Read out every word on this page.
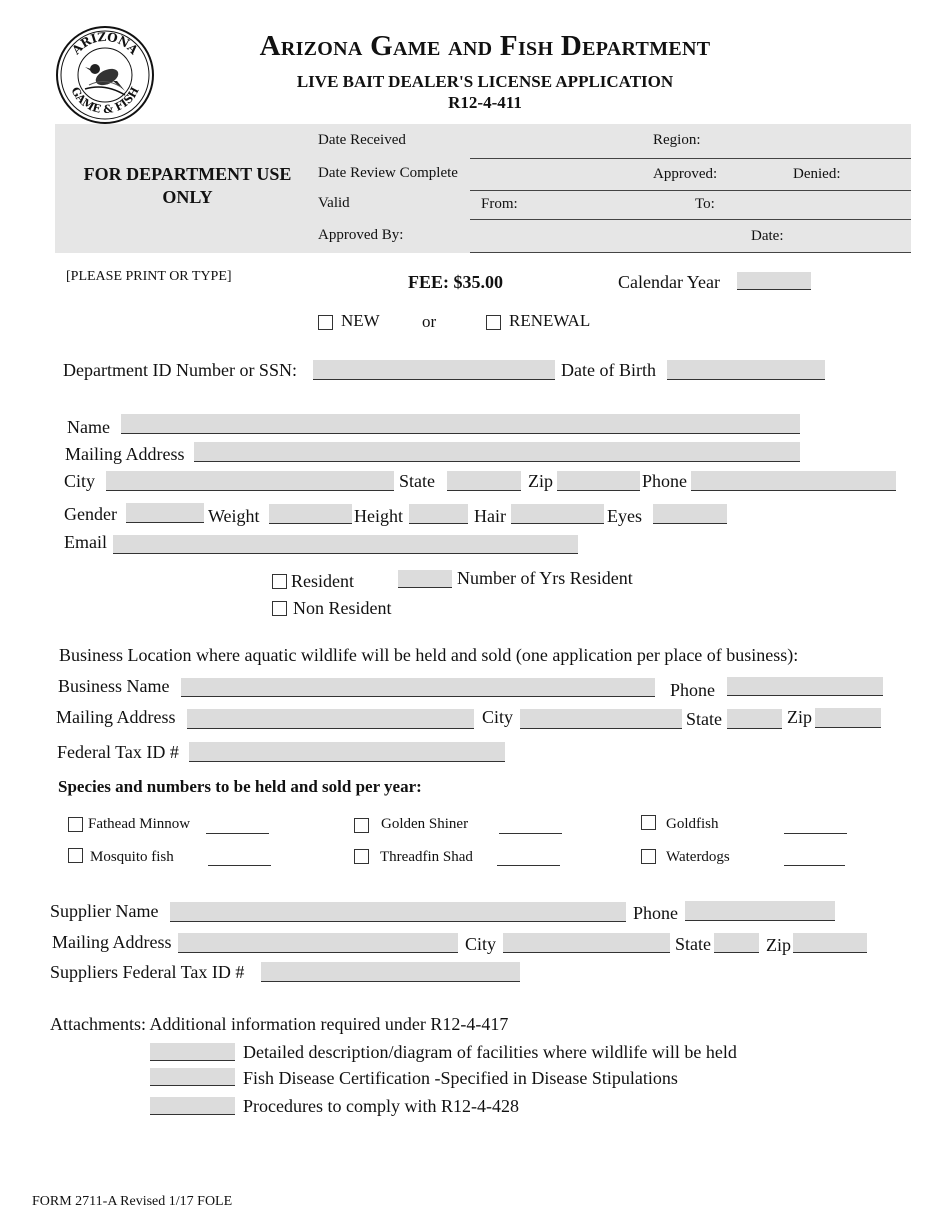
ARIZONA
GAME & FISH
Arizona Game and Fish Department
LIVE BAIT DEALER'S LICENSE APPLICATION
R12-4-411
FOR DEPARTMENT USE ONLY
Date Received	Region:
Date Review Complete	Approved:	Denied:
Valid	From:	To:
Approved By:	Date:
[PLEASE PRINT OR TYPE]	FEE: $35.00	Calendar Year
NEW or	RENEWAL
Department ID Number or SSN:	Date of Birth
Name
Mailing Address
City	State	Zip	Phone
Gender	Weight	Height	Hair	Eyes
Email
Resident	Number of Yrs Resident
Non Resident
Business Location where aquatic wildlife will be held and sold (one application per place of business):
Business Name	Phone
Mailing Address	City	State	Zip
Federal Tax ID #
Species and numbers to be held and sold per year:
Fathead Minnow	Golden Shiner	Goldfish
Mosquito fish	Threadfin Shad	Waterdogs
Supplier Name	Phone
Mailing Address	City	State	Zip
Suppliers Federal Tax ID #
Attachments: Additional information required under R12-4-417
Detailed description/diagram of facilities where wildlife will be held
Fish Disease Certification -Specified in Disease Stipulations
Procedures to comply with R12-4-428
FORM 2711-A Revised 1/17 FOLE
